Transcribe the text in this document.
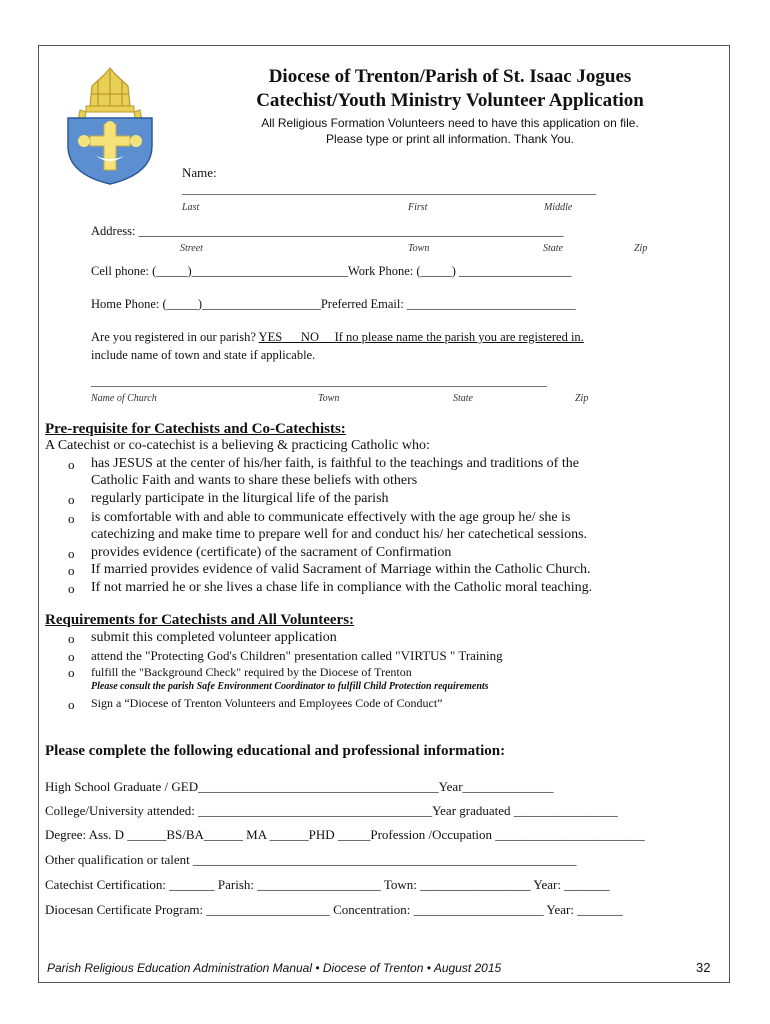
Diocese of Trenton/Parish of St. Isaac Jogues
Catechist/Youth Ministry Volunteer Application
All Religious Formation Volunteers need to have this application on file.
Please type or print all information. Thank You.
Name:
_____________________________________________________________________
Last	First	Middle
Address: ____________________________________________________________________
Street	Town	State	Zip
Cell phone: (_____)_________________________Work Phone: (_____) __________________
Home Phone: (_____)___________________Preferred Email: ___________________________
Are you registered in our parish? YES___NO__ If no please name the parish you are registered in.
include name of town and state if applicable.
____________________________________________________________________________
Name of Church	Town	State	Zip
Pre-requisite for Catechists and Co-Catechists:
A Catechist or co-catechist is a believing & practicing Catholic who:
o has JESUS at the center of his/her faith, is faithful to the teachings and traditions of the
Catholic Faith and wants to share these beliefs with others
o regularly participate in the liturgical life of the parish
o is comfortable with and able to communicate effectively with the age group he/ she is
catechizing and make time to prepare well for and conduct his/ her catechetical sessions.
o provides evidence (certificate) of the sacrament of Confirmation
o If married provides evidence of valid Sacrament of Marriage within the Catholic Church.
o If not married he or she lives a chase life in compliance with the Catholic moral teaching.
Requirements for Catechists and All Volunteers:
o submit this completed volunteer application
o attend the "Protecting God's Children" presentation called "VIRTUS " Training
o fulfill the "Background Check" required by the Diocese of Trenton
Please consult the parish Safe Environment Coordinator to fulfill Child Protection requirements
o Sign a “Diocese of Trenton Volunteers and Employees Code of Conduct”
Please complete the following educational and professional information:
High School Graduate / GED_____________________________________Year______________
College/University attended: ____________________________________Year graduated ________________
Degree: Ass. D ______BS/BA______ MA ______PHD _____Profession /Occupation _______________________
Other qualification or talent ___________________________________________________________
Catechist Certification: _______ Parish: ___________________ Town: _________________ Year: _______
Diocesan Certificate Program: ___________________ Concentration: ____________________ Year: _______
Parish Religious Education Administration Manual • Diocese of Trenton • August 2015	32
